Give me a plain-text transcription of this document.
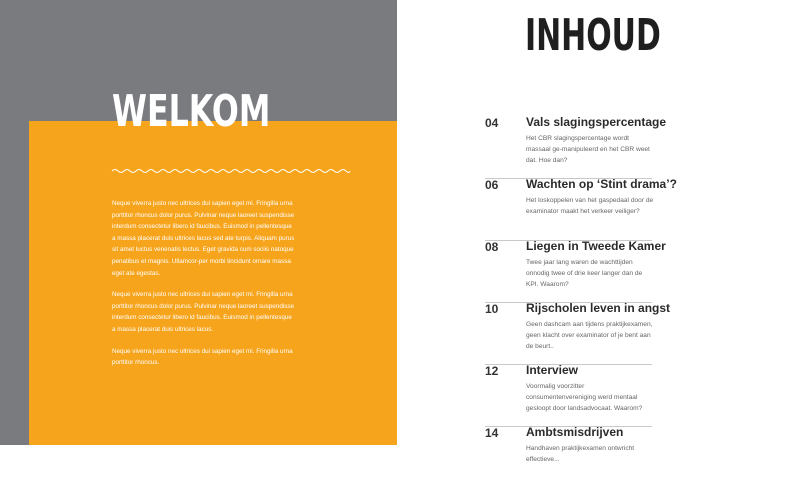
WELKOM

Neque viverra justo nec ultrices dui sapien eget mi. Fringilla urna porttitor rhoncus dolor purus. Pulvinar neque laoreet suspendisse interdum consectetur libero id faucibus. Euismod in pellentesque a massa placerat duis ultrices lacus sed ate turpis. Aliquam purus sit amet luctus venenatis lectus. Eget gravida cum sociis natoque penatibus et magnis. Ullamcor-per morbi tincidunt ornare massa eget ate egestas.

Neque viverra justo nec ultrices dui sapien eget mi. Fringilla urna porttitor rhoncus dolor purus. Pulvinar neque laoreet suspendisse interdum consectetur libero id faucibus. Euismod in pellentesque a massa placerat duis ultrices lacus.

Neque viverra justo nec ultrices dui sapien eget mi. Fringilla urna porttitor rhoncus.

INHOUD
04 Vals slagingspercentage

Het CBR slagingspercentage wordt massaal ge-manipuleerd en het CBR weet dat. Hoe dan?

06 Wachten op ‘Stint drama’?

Het loskoppelen van het gaspedaal door de examinator maakt het verkeer veiliger?

08 Liegen in Tweede Kamer

Twee jaar lang waren de wachttijden onnodig twee of drie keer langer dan de KPI. Waarom?

10 Rijscholen leven in angst

Geen dashcam aan tijdens praktijkexamen, geen klacht over examinator of je bent aan de beurt..

12 Interview

Voormalig voorzitter consumentenvereniging werd mentaal gesloopt door landsadvocaat. Waarom?

14 Ambtsmisdrijven

Handhaven praktijkexamen ontwricht effectieve...
